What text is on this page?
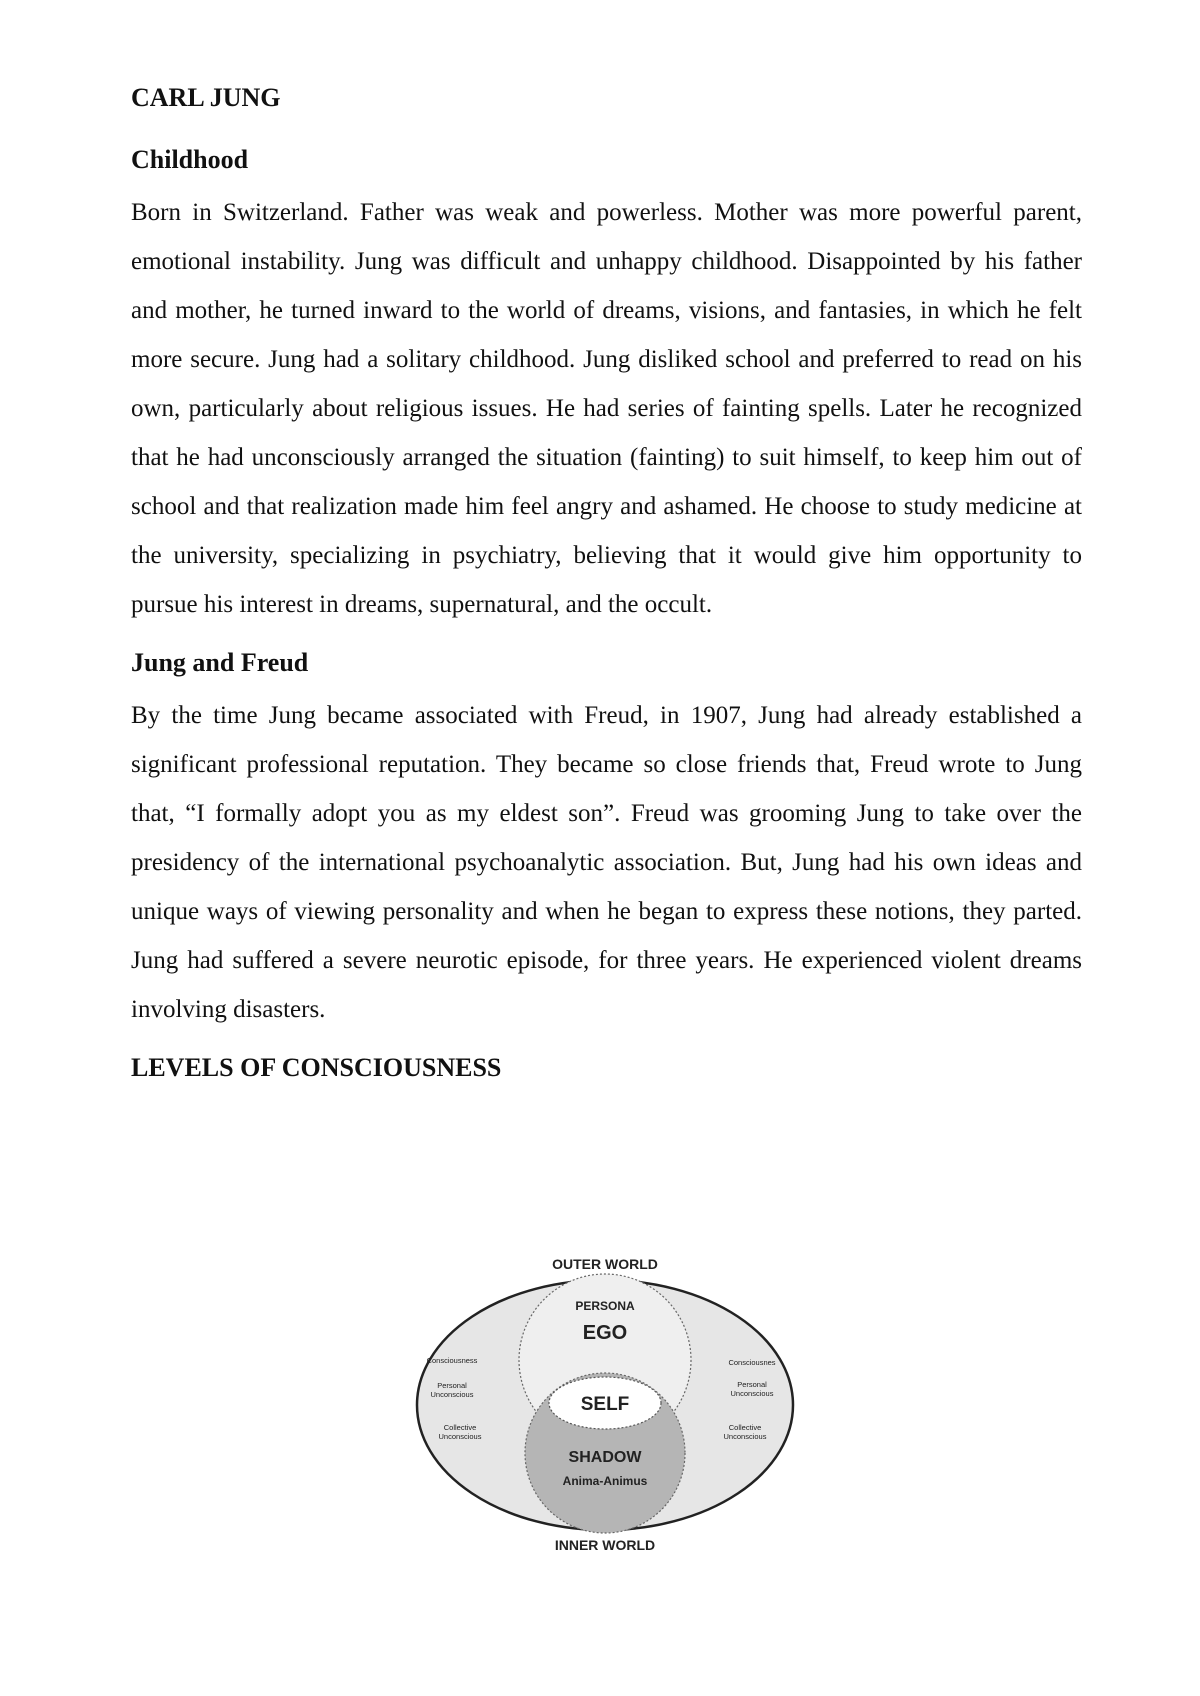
CARL JUNG
Childhood

Born in Switzerland. Father was weak and powerless. Mother was more powerful parent, emotional instability. Jung was difficult and unhappy childhood. Disappointed by his father and mother, he turned inward to the world of dreams, visions, and fantasies, in which he felt more secure. Jung had a solitary childhood. Jung disliked school and preferred to read on his own, particularly about religious issues. He had series of fainting spells. Later he recognized that he had unconsciously arranged the situation (fainting) to suit himself, to keep him out of school and that realization made him feel angry and ashamed. He choose to study medicine at the university, specializing in psychiatry, believing that it would give him opportunity to pursue his interest in dreams, supernatural, and the occult.

Jung and Freud

By the time Jung became associated with Freud, in 1907, Jung had already established a significant professional reputation. They became so close friends that, Freud wrote to Jung that, “I formally adopt you as my eldest son”. Freud was grooming Jung to take over the presidency of the international psychoanalytic association. But, Jung had his own ideas and unique ways of viewing personality and when he began to express these notions, they parted. Jung had suffered a severe neurotic episode, for three years. He experienced violent dreams involving disasters.

LEVELS OF CONSCIOUSNESS
OUTER WORLD
INNER WORLD
PERSONA
EGO
SELF
SHADOW
Anima-Animus
Consciousness
Personal
Unconscious
Collective
Unconscious
Consciousnes
Personal
Unconscious
Collective
Unconscious
